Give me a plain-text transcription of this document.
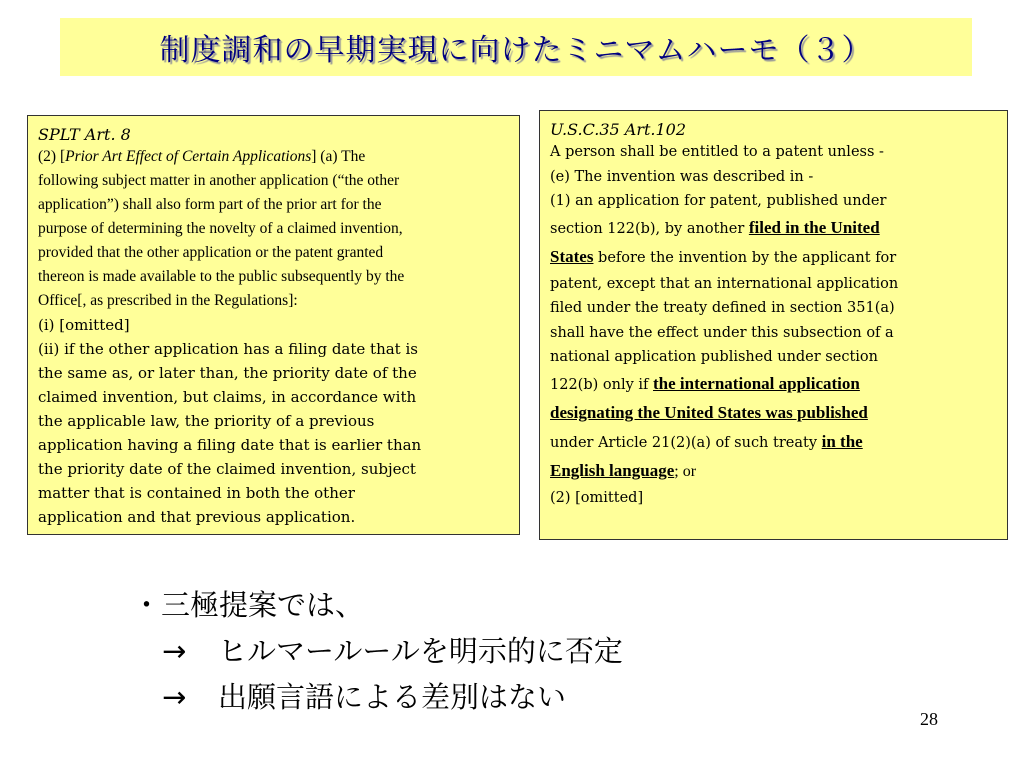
制度調和の早期実現に向けたミニマムハーモ（３）
SPLT Art. 8
(2) [Prior Art Effect of Certain Applications] (a) The
following subject matter in another application (“the other
application”) shall also form part of the prior art for the
purpose of determining the novelty of a claimed invention,
provided that the other application or the patent granted
thereon is made available to the public subsequently by the
Office[, as prescribed in the Regulations]:
(i) [omitted]
(ii) if the other application has a filing date that is
the same as, or later than, the priority date of the
claimed invention, but claims, in accordance with
the applicable law, the priority of a previous
application having a filing date that is earlier than
the priority date of the claimed invention, subject
matter that is contained in both the other
application and that previous application.
U.S.C.35 Art.102
A person shall be entitled to a patent unless -
(e) The invention was described in -
(1) an application for patent, published under
section 122(b), by another filed in the United
States before the invention by the applicant for
patent, except that an international application
filed under the treaty defined in section 351(a)
shall have the effect under this subsection of a
national application published under section
122(b) only if the international application
designating the United States was published
under Article 21(2)(a) of such treaty in the
English language; or
(2) [omitted]
・三極提案では、
→	ヒルマールールを明示的に否定
→	出願言語による差別はない
28
